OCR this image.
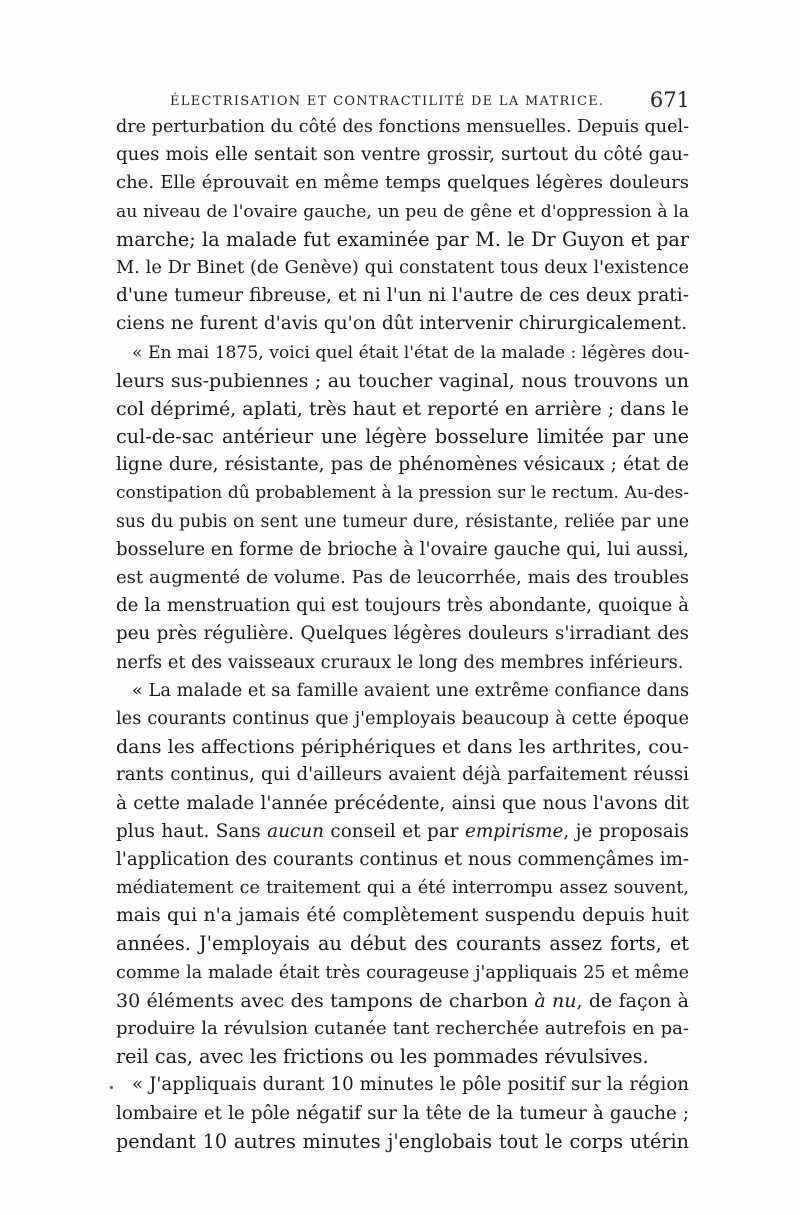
ÉLECTRISATION ET CONTRACTILITÉ DE LA MATRICE. 671
dre perturbation du côté des fonctions mensuelles. Depuis quel-
ques mois elle sentait son ventre grossir, surtout du côté gau-
che. Elle éprouvait en même temps quelques légères douleurs
au niveau de l'ovaire gauche, un peu de gêne et d'oppression à la
marche; la malade fut examinée par M. le Dr Guyon et par
M. le Dr Binet (de Genève) qui constatent tous deux l'existence
d'une tumeur fibreuse, et ni l'un ni l'autre de ces deux prati-
ciens ne furent d'avis qu'on dût intervenir chirurgicalement.
« En mai 1875, voici quel était l'état de la malade : légères dou-
leurs sus-pubiennes ; au toucher vaginal, nous trouvons un
col déprimé, aplati, très haut et reporté en arrière ; dans le
cul-de-sac antérieur une légère bosselure limitée par une
ligne dure, résistante, pas de phénomènes vésicaux ; état de
constipation dû probablement à la pression sur le rectum. Au-des-
sus du pubis on sent une tumeur dure, résistante, reliée par une
bosselure en forme de brioche à l'ovaire gauche qui, lui aussi,
est augmenté de volume. Pas de leucorrhée, mais des troubles
de la menstruation qui est toujours très abondante, quoique à
peu près régulière. Quelques légères douleurs s'irradiant des
nerfs et des vaisseaux cruraux le long des membres inférieurs.
« La malade et sa famille avaient une extrême confiance dans
les courants continus que j'employais beaucoup à cette époque
dans les affections périphériques et dans les arthrites, cou-
rants continus, qui d'ailleurs avaient déjà parfaitement réussi
à cette malade l'année précédente, ainsi que nous l'avons dit
plus haut. Sans aucun conseil et par empirisme, je proposais
l'application des courants continus et nous commençâmes im-
médiatement ce traitement qui a été interrompu assez souvent,
mais qui n'a jamais été complètement suspendu depuis huit
années. J'employais au début des courants assez forts, et
comme la malade était très courageuse j'appliquais 25 et même
30 éléments avec des tampons de charbon à nu, de façon à
produire la révulsion cutanée tant recherchée autrefois en pa-
reil cas, avec les frictions ou les pommades révulsives.
« J'appliquais durant 10 minutes le pôle positif sur la région
lombaire et le pôle négatif sur la tête de la tumeur à gauche ;
pendant 10 autres minutes j'englobais tout le corps utérin
